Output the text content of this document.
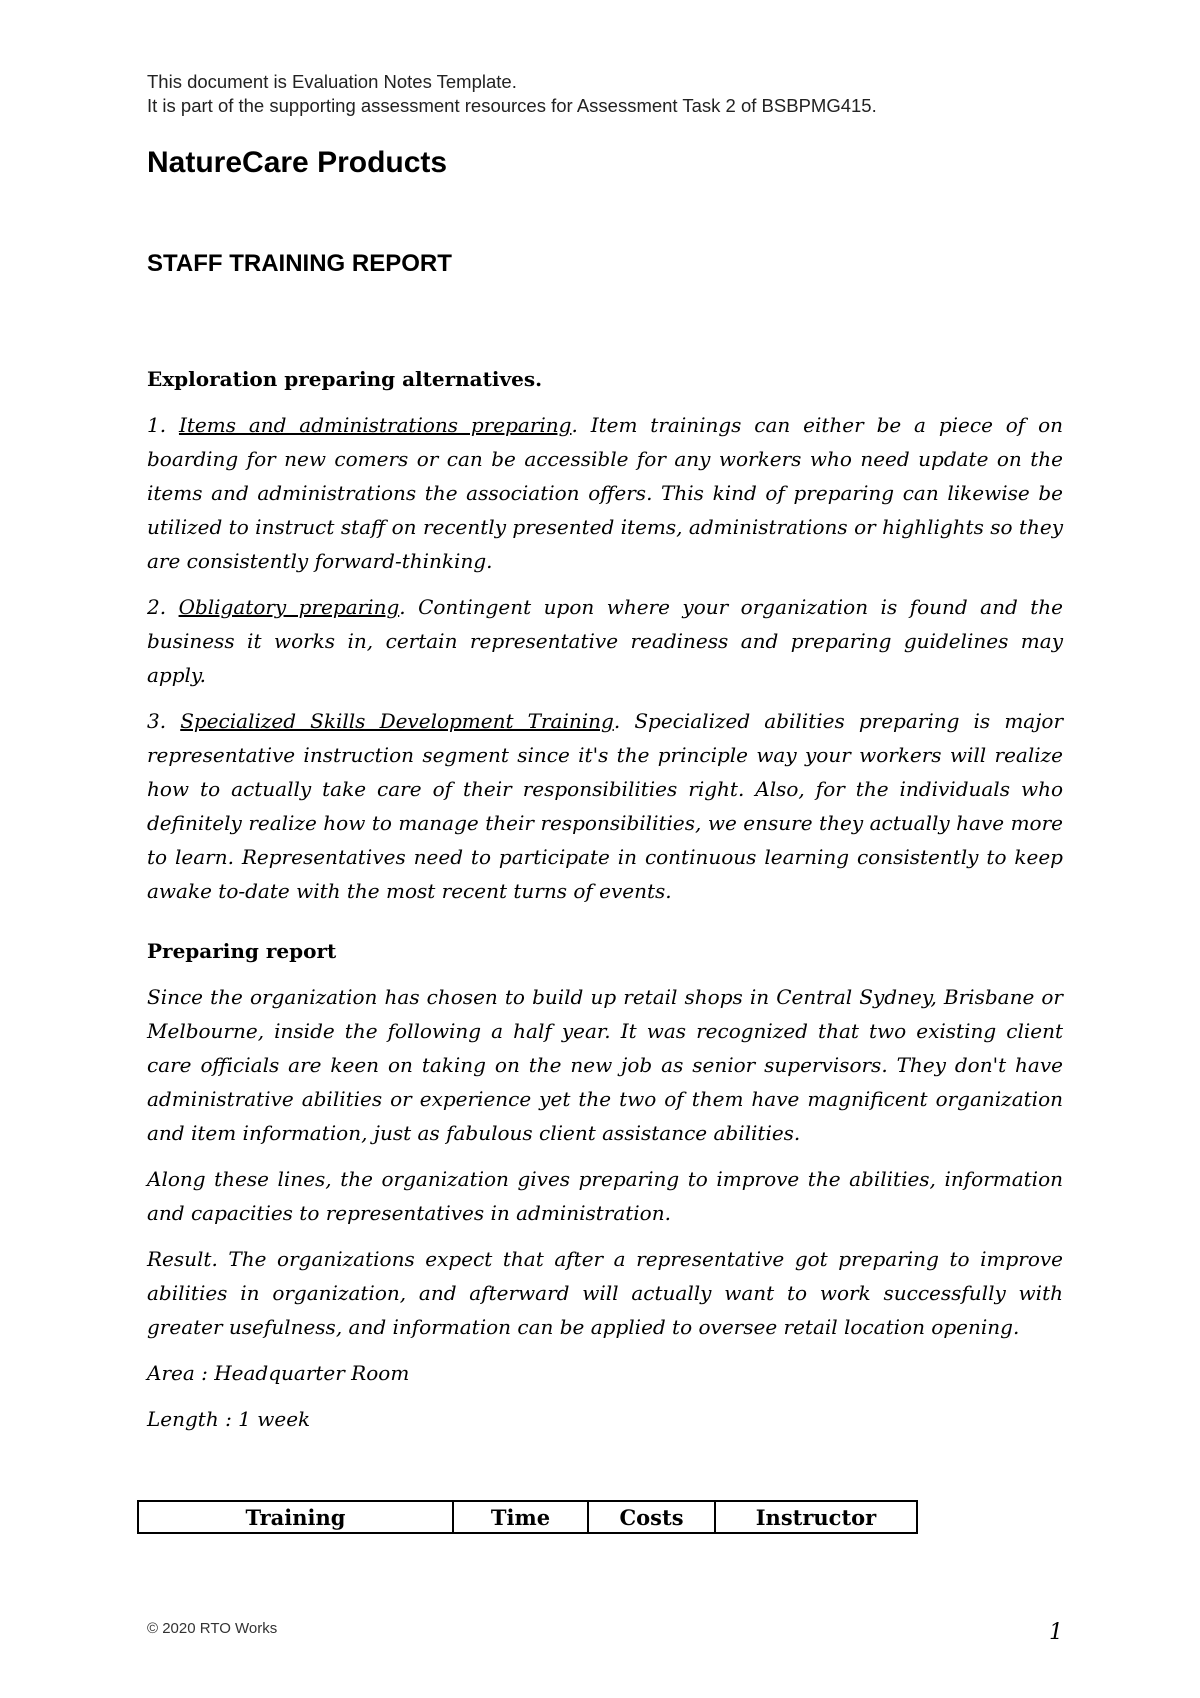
This document is Evaluation Notes Template.
It is part of the supporting assessment resources for Assessment Task 2 of BSBPMG415.
NatureCare Products
STAFF TRAINING REPORT
Exploration preparing alternatives.

1. Items and administrations preparing. Item trainings can either be a piece of on boarding for new comers or can be accessible for any workers who need update on the items and administrations the association offers. This kind of preparing can likewise be utilized to instruct staff on recently presented items, administrations or highlights so they are consistently forward-thinking.

2. Obligatory preparing. Contingent upon where your organization is found and the business it works in, certain representative readiness and preparing guidelines may apply.

3. Specialized Skills Development Training. Specialized abilities preparing is major representative instruction segment since it's the principle way your workers will realize how to actually take care of their responsibilities right. Also, for the individuals who definitely realize how to manage their responsibilities, we ensure they actually have more to learn. Representatives need to participate in continuous learning consistently to keep awake to-date with the most recent turns of events.

Preparing report

Since the organization has chosen to build up retail shops in Central Sydney, Brisbane or Melbourne, inside the following a half year. It was recognized that two existing client care officials are keen on taking on the new job as senior supervisors. They don't have administrative abilities or experience yet the two of them have magnificent organization and item information, just as fabulous client assistance abilities.

Along these lines, the organization gives preparing to improve the abilities, information and capacities to representatives in administration.

Result. The organizations expect that after a representative got preparing to improve abilities in organization, and afterward will actually want to work successfully with greater usefulness, and information can be applied to oversee retail location opening.

Area : Headquarter Room

Length : 1 week

Training	Time	Costs	Instructor
© 2020 RTO Works	1
